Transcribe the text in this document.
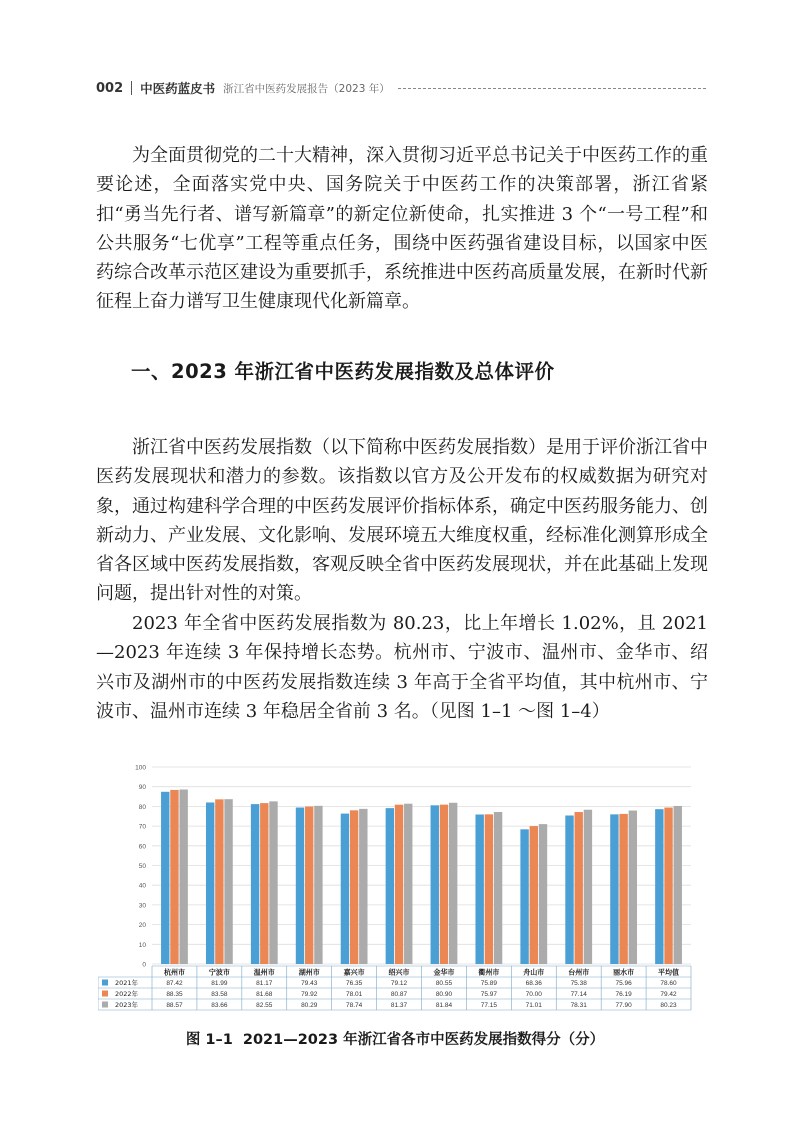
002 中医药蓝皮书 浙江省中医药发展报告（2023 年）

为全面贯彻党的二十大精神，深入贯彻习近平总书记关于中医药工作的重要论述，全面落实党中央、国务院关于中医药工作的决策部署，浙江省紧扣“勇当先行者、谱写新篇章”的新定位新使命，扎实推进 3 个“一号工程”和公共服务“七优享”工程等重点任务，围绕中医药强省建设目标，以国家中医药综合改革示范区建设为重要抓手，系统推进中医药高质量发展，在新时代新征程上奋力谱写卫生健康现代化新篇章。

一、2023 年浙江省中医药发展指数及总体评价

浙江省中医药发展指数（以下简称中医药发展指数）是用于评价浙江省中医药发展现状和潜力的参数。该指数以官方及公开发布的权威数据为研究对象，通过构建科学合理的中医药发展评价指标体系，确定中医药服务能力、创新动力、产业发展、文化影响、发展环境五大维度权重，经标准化测算形成全省各区域中医药发展指数，客观反映全省中医药发展现状，并在此基础上发现问题，提出针对性的对策。

2023 年全省中医药发展指数为 80.23，比上年增长 1.02%，且 2021—2023 年连续 3 年保持增长态势。杭州市、宁波市、温州市、金华市、绍兴市及湖州市的中医药发展指数连续 3 年高于全省平均值，其中杭州市、宁波市、温州市连续 3 年稳居全省前 3 名。（见图 1–1 ～图 1–4）

0
10
20
30
40
50
60
70
80
90
100
杭州市	宁波市	温州市	湖州市	嘉兴市	绍兴市	金华市	衢州市	舟山市	台州市	丽水市	平均值
2021年	87.42	81.99	81.17	79.43	76.35	79.12	80.55	75.89	68.36	75.38	75.96	78.60
2022年	88.35	83.58	81.68	79.92	78.01	80.87	80.90	75.97	70.00	77.14	76.19	79.42
2023年	88.57	83.66	82.55	80.29	78.74	81.37	81.84	77.15	71.01	78.31	77.90	80.23
图 1–1 2021—2023 年浙江省各市中医药发展指数得分（分）
